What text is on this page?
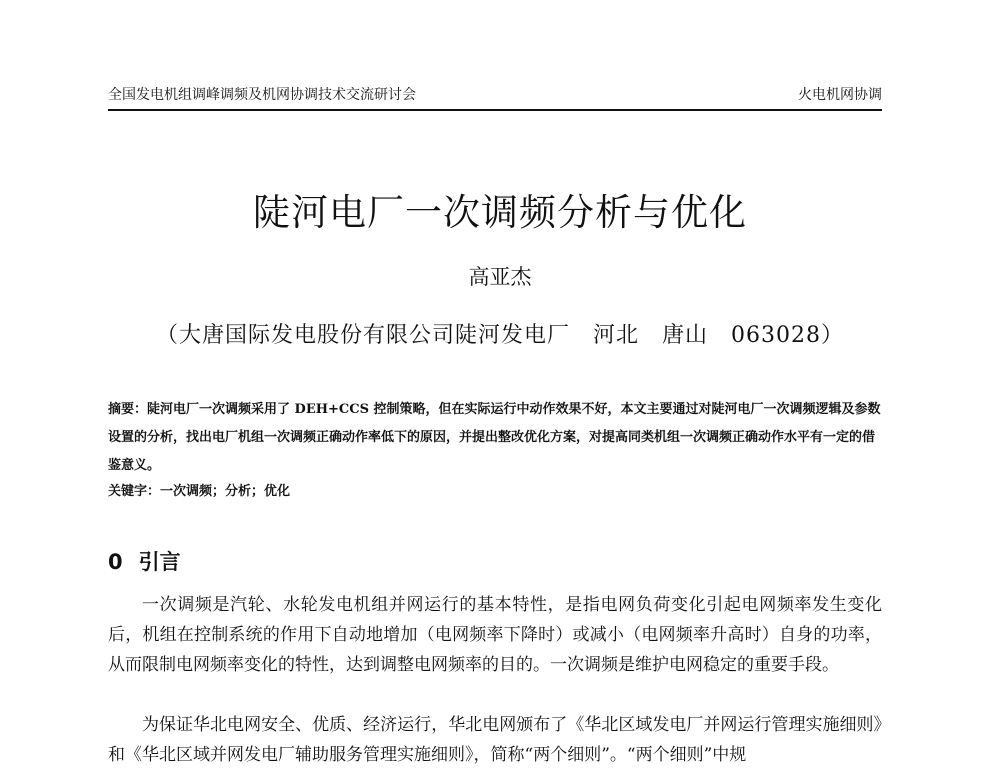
全国发电机组调峰调频及机网协调技术交流研讨会	火电机网协调
陡河电厂一次调频分析与优化
高亚杰
（大唐国际发电股份有限公司陡河发电厂　河北　唐山　063028）
摘要：陡河电厂一次调频采用了 DEH+CCS 控制策略，但在实际运行中动作效果不好，本文主要通过对陡河电厂一次调频逻辑及参数设置的分析，找出电厂机组一次调频正确动作率低下的原因，并提出整改优化方案，对提高同类机组一次调频正确动作水平有一定的借鉴意义。
关键字：一次调频；分析；优化
0 引言

一次调频是汽轮、水轮发电机组并网运行的基本特性，是指电网负荷变化引起电网频率发生变化后，机组在控制系统的作用下自动地增加（电网频率下降时）或减小（电网频率升高时）自身的功率，从而限制电网频率变化的特性，达到调整电网频率的目的。一次调频是维护电网稳定的重要手段。

为保证华北电网安全、优质、经济运行，华北电网颁布了《华北区域发电厂并网运行管理实施细则》和《华北区域并网发电厂辅助服务管理实施细则》，简称“两个细则”。“两个细则”中规
